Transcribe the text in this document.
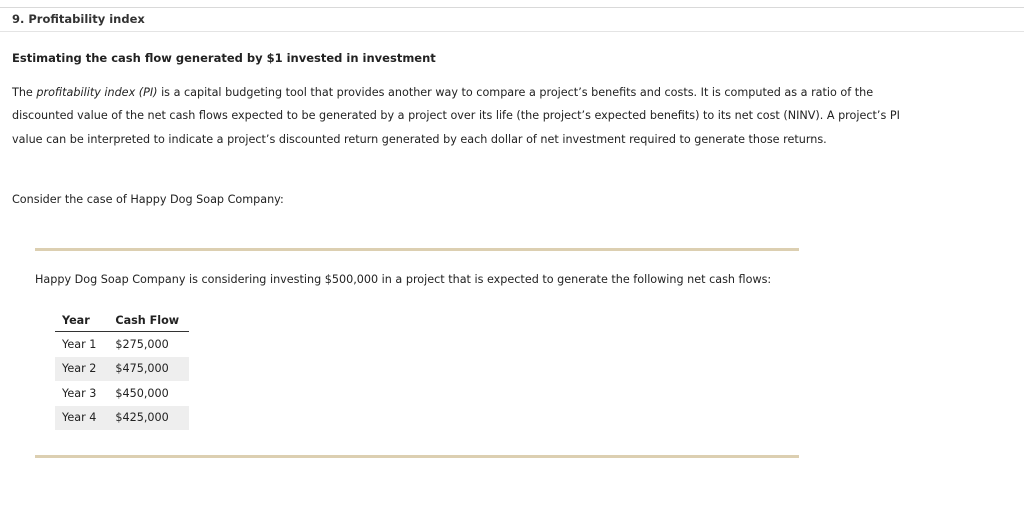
9. Profitability index
Estimating the cash flow generated by $1 invested in investment

The profitability index (PI) is a capital budgeting tool that provides another way to compare a project’s benefits and costs. It is computed as a ratio of the discounted value of the net cash flows expected to be generated by a project over its life (the project’s expected benefits) to its net cost (NINV). A project’s PI value can be interpreted to indicate a project’s discounted return generated by each dollar of net investment required to generate those returns.

Consider the case of Happy Dog Soap Company:
Happy Dog Soap Company is considering investing $500,000 in a project that is expected to generate the following net cash flows:
Year	Cash Flow
Year 1	$275,000
Year 2	$475,000
Year 3	$450,000
Year 4	$425,000
